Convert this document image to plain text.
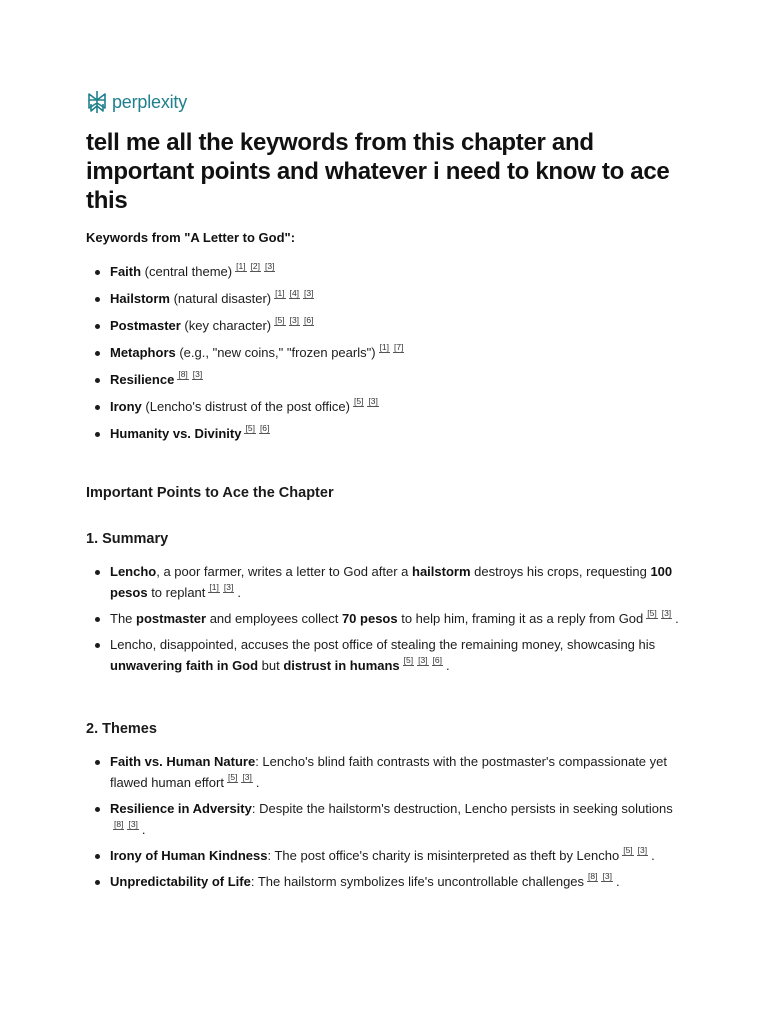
perplexity
tell me all the keywords from this chapter and important points and whatever i need to know to ace this

Keywords from "A Letter to God":

Faith (central theme) [1] [2] [3]
Hailstorm (natural disaster) [1] [4] [3]
Postmaster (key character) [5] [3] [6]
Metaphors (e.g., "new coins," "frozen pearls") [1] [7]
Resilience [8] [3]
Irony (Lencho's distrust of the post office) [5] [3]
Humanity vs. Divinity [5] [6]

Important Points to Ace the Chapter

1. Summary

Lencho, a poor farmer, writes a letter to God after a hailstorm destroys his crops, requesting 100 pesos to replant [1] [3] .
The postmaster and employees collect 70 pesos to help him, framing it as a reply from God [5] [3] .
Lencho, disappointed, accuses the post office of stealing the remaining money, showcasing his unwavering faith in God but distrust in humans [5] [3] [6] .

2. Themes

Faith vs. Human Nature: Lencho's blind faith contrasts with the postmaster's compassionate yet flawed human effort [5] [3] .
Resilience in Adversity: Despite the hailstorm's destruction, Lencho persists in seeking solutions[8] [3] .
Irony of Human Kindness: The post office's charity is misinterpreted as theft by Lencho [5] [3] .
Unpredictability of Life: The hailstorm symbolizes life's uncontrollable challenges [8] [3] .
